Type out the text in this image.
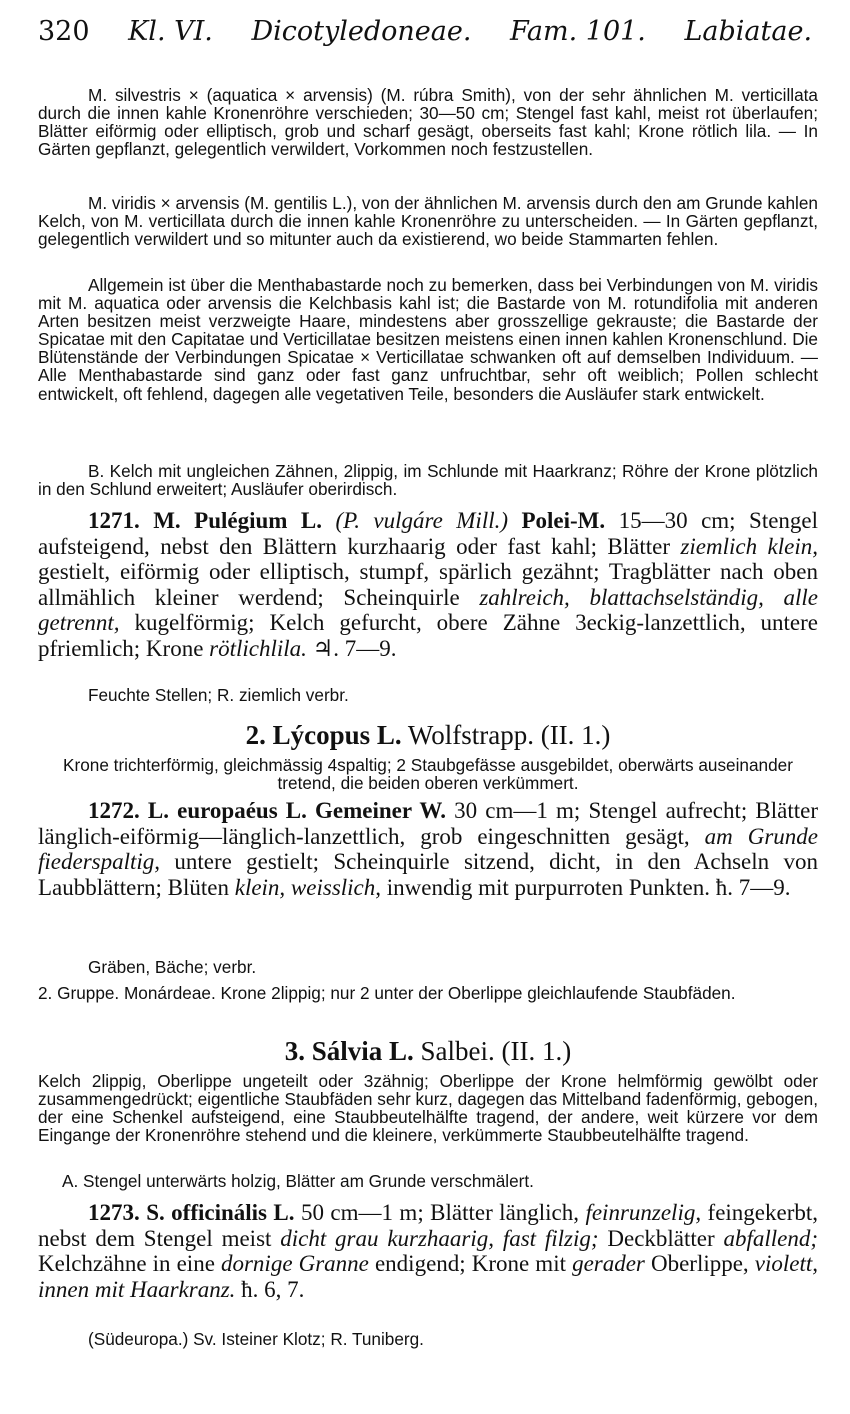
320 Kl. VI. Dicotyledoneae. Fam. 101. Labiatae.

M. silvestris × (aquatica × arvensis) (M. rúbra Smith), von der sehr ähnlichen M. verticillata durch die innen kahle Kronenröhre verschieden; 30—50 cm; Stengel fast kahl, meist rot überlaufen; Blätter eiförmig oder elliptisch, grob und scharf gesägt, oberseits fast kahl; Krone rötlich lila. — In Gärten gepflanzt, gelegentlich verwildert, Vorkommen noch festzustellen.

M. viridis × arvensis (M. gentilis L.), von der ähnlichen M. arvensis durch den am Grunde kahlen Kelch, von M. verticillata durch die innen kahle Kronenröhre zu unterscheiden. — In Gärten gepflanzt, gelegentlich verwildert und so mitunter auch da existierend, wo beide Stammarten fehlen.

Allgemein ist über die Menthabastarde noch zu bemerken, dass bei Verbindungen von M. viridis mit M. aquatica oder arvensis die Kelchbasis kahl ist; die Bastarde von M. rotundifolia mit anderen Arten besitzen meist verzweigte Haare, mindestens aber grosszellige gekrauste; die Bastarde der Spicatae mit den Capitatae und Verticillatae besitzen meistens einen innen kahlen Kronenschlund. Die Blütenstände der Verbindungen Spicatae × Verticillatae schwanken oft auf demselben Individuum. — Alle Menthabastarde sind ganz oder fast ganz unfruchtbar, sehr oft weiblich; Pollen schlecht entwickelt, oft fehlend, dagegen alle vegetativen Teile, besonders die Ausläufer stark entwickelt.

B. Kelch mit ungleichen Zähnen, 2lippig, im Schlunde mit Haarkranz; Röhre der Krone plötzlich in den Schlund erweitert; Ausläufer oberirdisch.

1271. M. Pulégium L. (P. vulgáre Mill.) Polei-M. 15—30 cm; Stengel aufsteigend, nebst den Blättern kurzhaarig oder fast kahl; Blätter ziemlich klein, gestielt, eiförmig oder elliptisch, stumpf, spärlich gezähnt; Tragblätter nach oben allmählich kleiner werdend; Scheinquirle zahlreich, blattachselständig, alle getrennt, kugelförmig; Kelch gefurcht, obere Zähne 3eckig-lanzettlich, untere pfriemlich; Krone rötlichlila. ♃. 7—9.

Feuchte Stellen; R. ziemlich verbr.

2. Lýcopus L. Wolfstrapp. (II. 1.)

Krone trichterförmig, gleichmässig 4spaltig; 2 Staubgefässe ausgebildet, oberwärts auseinander tretend, die beiden oberen verkümmert.

1272. L. europaéus L. Gemeiner W. 30 cm—1 m; Stengel aufrecht; Blätter länglich-eiförmig—länglich-lanzettlich, grob eingeschnitten gesägt, am Grunde fiederspaltig, untere gestielt; Scheinquirle sitzend, dicht, in den Achseln von Laubblättern; Blüten klein, weisslich, inwendig mit purpurroten Punkten. ħ. 7—9.

Gräben, Bäche; verbr.

2. Gruppe. Monárdeae. Krone 2lippig; nur 2 unter der Oberlippe gleichlaufende Staubfäden.

3. Sálvia L. Salbei. (II. 1.)

Kelch 2lippig, Oberlippe ungeteilt oder 3zähnig; Oberlippe der Krone helmförmig gewölbt oder zusammengedrückt; eigentliche Staubfäden sehr kurz, dagegen das Mittelband fadenförmig, gebogen, der eine Schenkel aufsteigend, eine Staubbeutelhälfte tragend, der andere, weit kürzere vor dem Eingange der Kronenröhre stehend und die kleinere, verkümmerte Staubbeutelhälfte tragend.

A. Stengel unterwärts holzig, Blätter am Grunde verschmälert.

1273. S. officinális L. 50 cm—1 m; Blätter länglich, feinrunzelig, feingekerbt, nebst dem Stengel meist dicht grau kurzhaarig, fast filzig; Deckblätter abfallend; Kelchzähne in eine dornige Granne endigend; Krone mit gerader Oberlippe, violett, innen mit Haarkranz. ħ. 6, 7.

(Südeuropa.) Sv. Isteiner Klotz; R. Tuniberg.
